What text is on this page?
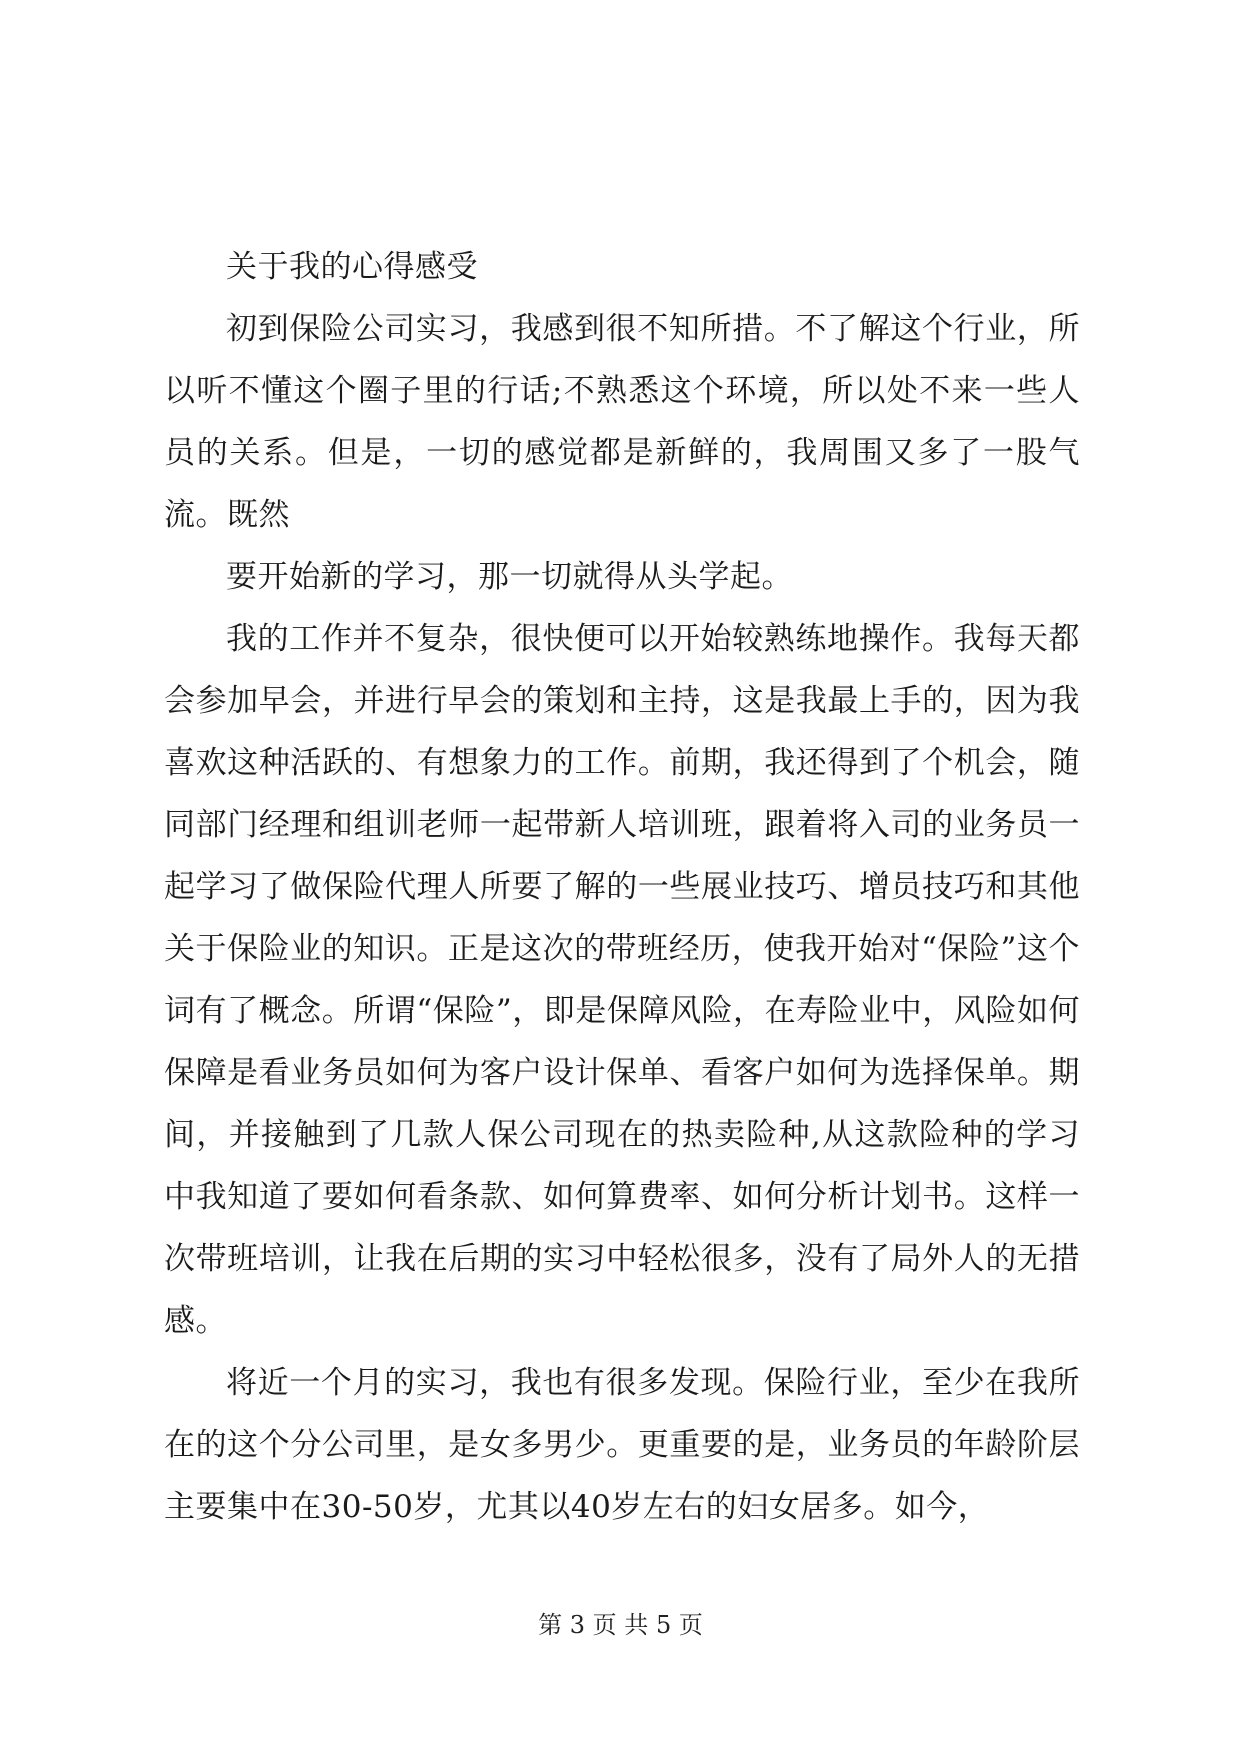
关于我的心得感受

初到保险公司实习，我感到很不知所措。不了解这个行业，所以听不懂这个圈子里的行话;不熟悉这个环境，所以处不来一些人员的关系。但是，一切的感觉都是新鲜的，我周围又多了一股气流。既然

要开始新的学习，那一切就得从头学起。

我的工作并不复杂，很快便可以开始较熟练地操作。我每天都会参加早会，并进行早会的策划和主持，这是我最上手的，因为我喜欢这种活跃的、有想象力的工作。前期，我还得到了个机会，随同部门经理和组训老师一起带新人培训班，跟着将入司的业务员一起学习了做保险代理人所要了解的一些展业技巧、增员技巧和其他关于保险业的知识。正是这次的带班经历，使我开始对“保险”这个词有了概念。所谓“保险”，即是保障风险，在寿险业中，风险如何保障是看业务员如何为客户设计保单、看客户如何为选择保单。期间，并接触到了几款人保公司现在的热卖险种,从这款险种的学习中我知道了要如何看条款、如何算费率、如何分析计划书。这样一次带班培训，让我在后期的实习中轻松很多，没有了局外人的无措感。

将近一个月的实习，我也有很多发现。保险行业，至少在我所在的这个分公司里，是女多男少。更重要的是，业务员的年龄阶层主要集中在30-50岁，尤其以40岁左右的妇女居多。如今，

第 3 页 共 5 页
